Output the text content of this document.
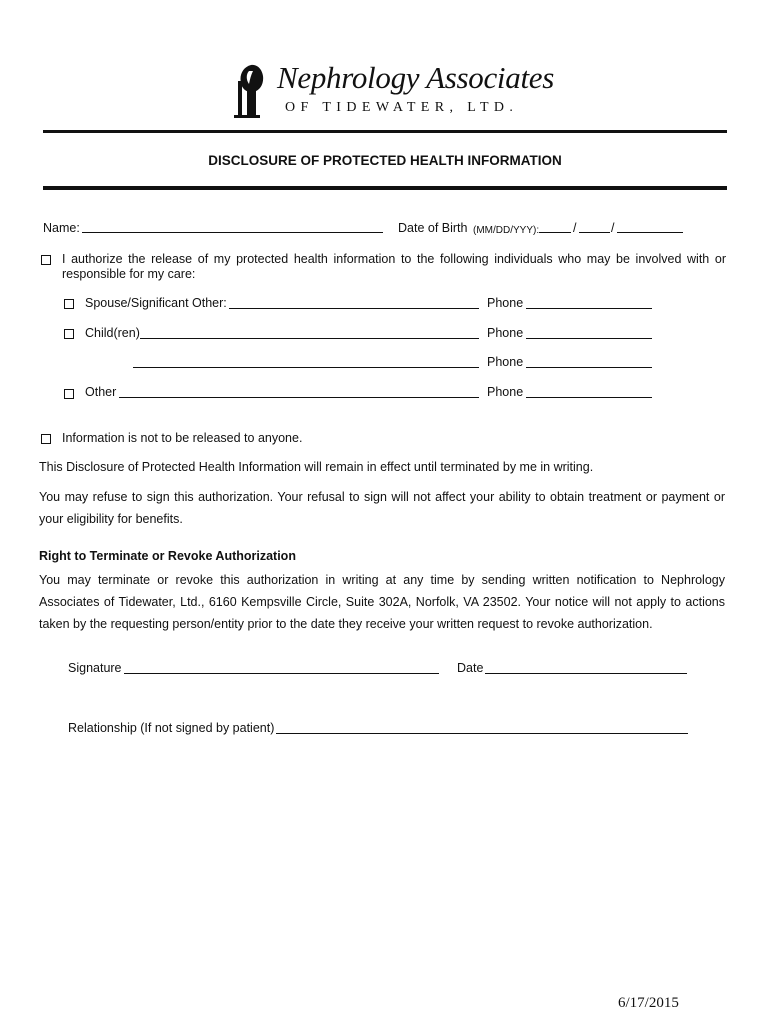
Nephrology Associates
OF TIDEWATER, LTD.
DISCLOSURE OF PROTECTED HEALTH INFORMATION
Name:	Date of Birth (MM/DD/YYY):	/	/
I authorize the release of my protected health information to the following individuals who may be involved with or
responsible for my care:
Spouse/Significant Other:	Phone
Child(ren)	Phone
Phone
Other	Phone
Information is not to be released to anyone.
This Disclosure of Protected Health Information will remain in effect until terminated by me in writing.
You may refuse to sign this authorization. Your refusal to sign will not affect your ability to obtain treatment or payment or
your eligibility for benefits.
Right to Terminate or Revoke Authorization
You may terminate or revoke this authorization in writing at any time by sending written notification to Nephrology
Associates of Tidewater, Ltd., 6160 Kempsville Circle, Suite 302A, Norfolk, VA 23502. Your notice will not apply to actions
taken by the requesting person/entity prior to the date they receive your written request to revoke authorization.
Signature	Date
Relationship (If not signed by patient)
6/17/2015
